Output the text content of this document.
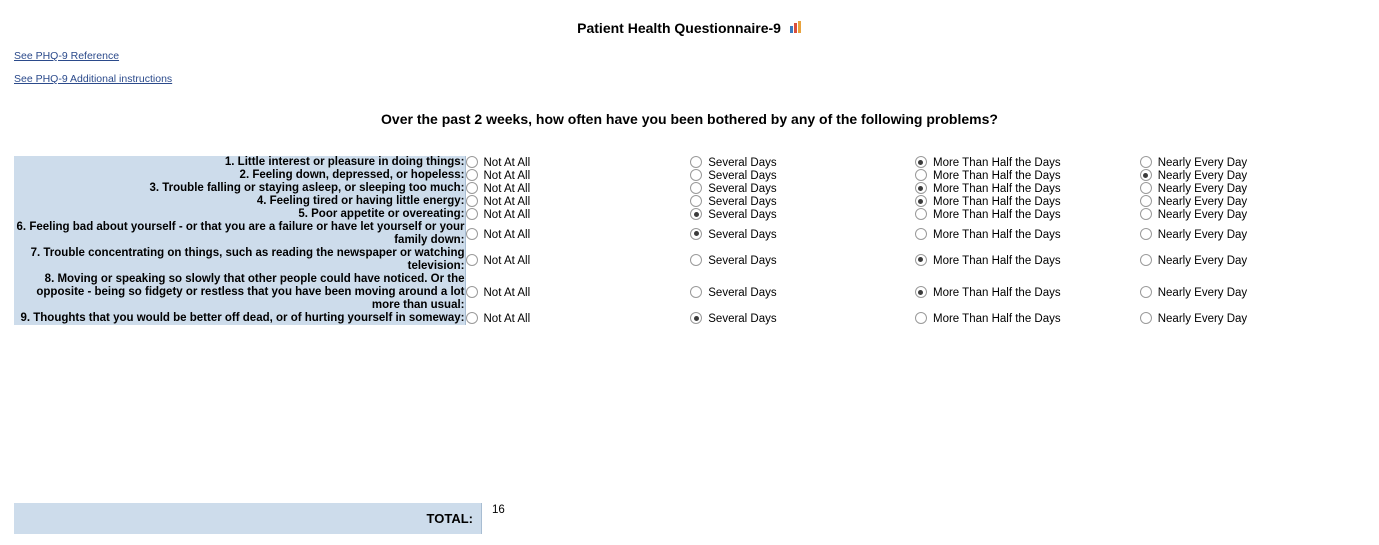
Patient Health Questionnaire-9
See PHQ-9 Reference
See PHQ-9 Additional instructions
Over the past 2 weeks, how often have you been bothered by any of the following problems?
1. Little interest or pleasure in doing things:	Not At All	Several Days	More Than Half the Days	Nearly Every Day
2. Feeling down, depressed, or hopeless:	Not At All	Several Days	More Than Half the Days	Nearly Every Day
3. Trouble falling or staying asleep, or sleeping too much:	Not At All	Several Days	More Than Half the Days	Nearly Every Day
4. Feeling tired or having little energy:	Not At All	Several Days	More Than Half the Days	Nearly Every Day
5. Poor appetite or overeating:	Not At All	Several Days	More Than Half the Days	Nearly Every Day
6. Feeling bad about yourself - or that you are a failure or have let yourself or your family down:	Not At All	Several Days	More Than Half the Days	Nearly Every Day
7. Trouble concentrating on things, such as reading the newspaper or watching television:	Not At All	Several Days	More Than Half the Days	Nearly Every Day
8. Moving or speaking so slowly that other people could have noticed. Or the opposite - being so fidgety or restless that you have been moving around a lot more than usual:	Not At All	Several Days	More Than Half the Days	Nearly Every Day
9. Thoughts that you would be better off dead, or of hurting yourself in someway:	Not At All	Several Days	More Than Half the Days	Nearly Every Day
TOTAL:	16
